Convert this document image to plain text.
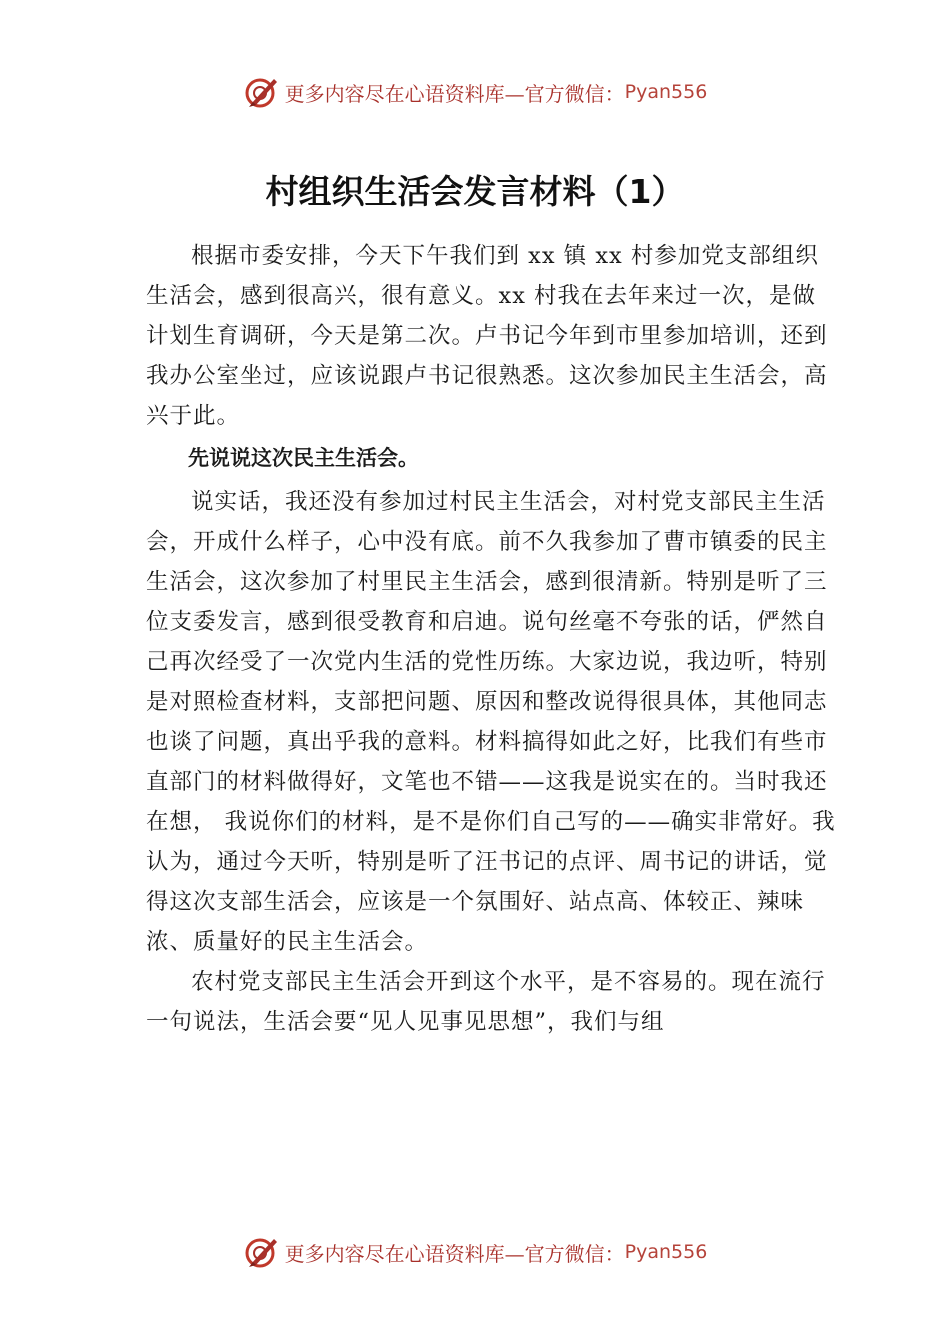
更多内容尽在心语资料库—官方微信： Pyan556
村组织生活会发言材料（1）

根据市委安排，今天下午我们到 xx 镇 xx 村参加党支部组织生活会，感到很高兴，很有意义。xx 村我在去年来过一次，是做计划生育调研，今天是第二次。卢书记今年到市里参加培训，还到我办公室坐过，应该说跟卢书记很熟悉。这次参加民主生活会，高兴于此。

先说说这次民主生活会。

说实话，我还没有参加过村民主生活会，对村党支部民主生活会，开成什么样子，心中没有底。前不久我参加了曹市镇委的民主生活会，这次参加了村里民主生活会，感到很清新。特别是听了三位支委发言，感到很受教育和启迪。说句丝毫不夸张的话，俨然自己再次经受了一次党内生活的党性历练。大家边说，我边听，特别是对照检查材料，支部把问题、原因和整改说得很具体，其他同志也谈了问题，真出乎我的意料。材料搞得如此之好，比我们有些市直部门的材料做得好，文笔也不错——这我是说实在的。当时我还在想， 我说你们的材料，是不是你们自己写的——确实非常好。我认为，通过今天听，特别是听了汪书记的点评、周书记的讲话，觉得这次支部生活会，应该是一个氛围好、站点高、体较正、辣味浓、质量好的民主生活会。

农村党支部民主生活会开到这个水平，是不容易的。现在流行一句说法，生活会要“见人见事见思想”，我们与组

更多内容尽在心语资料库—官方微信： Pyan556
